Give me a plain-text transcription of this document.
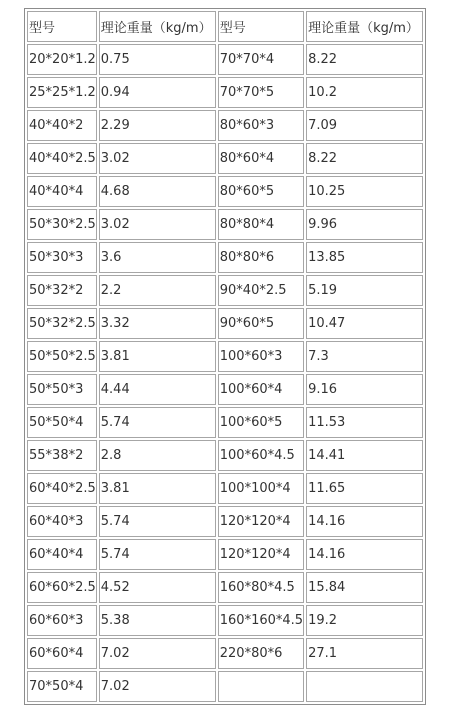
型号	理论重量（kg/m）	型号	理论重量（kg/m）
20*20*1.2	0.75	70*70*4	8.22
25*25*1.2	0.94	70*70*5	10.2
40*40*2	2.29	80*60*3	7.09
40*40*2.5	3.02	80*60*4	8.22
40*40*4	4.68	80*60*5	10.25
50*30*2.5	3.02	80*80*4	9.96
50*30*3	3.6	80*80*6	13.85
50*32*2	2.2	90*40*2.5	5.19
50*32*2.5	3.32	90*60*5	10.47
50*50*2.5	3.81	100*60*3	7.3
50*50*3	4.44	100*60*4	9.16
50*50*4	5.74	100*60*5	11.53
55*38*2	2.8	100*60*4.5	14.41
60*40*2.5	3.81	100*100*4	11.65
60*40*3	5.74	120*120*4	14.16
60*40*4	5.74	120*120*4	14.16
60*60*2.5	4.52	160*80*4.5	15.84
60*60*3	5.38	160*160*4.5	19.2
60*60*4	7.02	220*80*6	27.1
70*50*4	7.02		
